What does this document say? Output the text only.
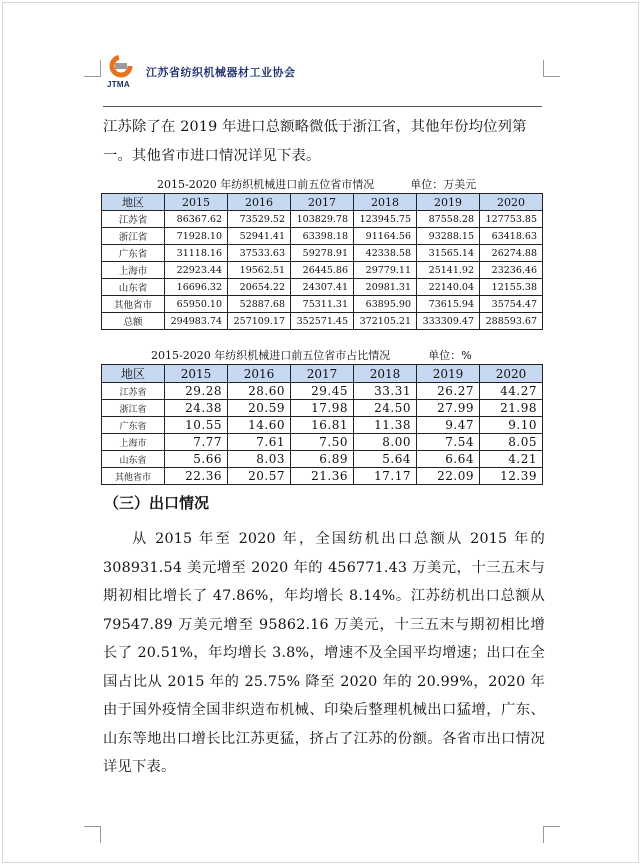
JTMA
江苏省纺织机械器材工业协会
江苏除了在 2019 年进口总额略微低于浙江省，其他年份均位列第一。其他省市进口情况详见下表。
2015-2020 年纺织机械进口前五位省市情况	单位：万美元
地区	2015	2016	2017	2018	2019	2020
江苏省	86367.62	73529.52	103829.78	123945.75	87558.28	127753.85
浙江省	71928.10	52941.41	63398.18	91164.56	93288.15	63418.63
广东省	31118.16	37533.63	59278.91	42338.58	31565.14	26274.88
上海市	22923.44	19562.51	26445.86	29779.11	25141.92	23236.46
山东省	16696.32	20654.22	24307.41	20981.31	22140.04	12155.38
其他省市	65950.10	52887.68	75311.31	63895.90	73615.94	35754.47
总额	294983.74	257109.17	352571.45	372105.21	333309.47	288593.67
2015-2020 年纺织机械进口前五位省市占比情况	单位：%
地区	2015	2016	2017	2018	2019	2020
江苏省	29.28	28.60	29.45	33.31	26.27	44.27
浙江省	24.38	20.59	17.98	24.50	27.99	21.98
广东省	10.55	14.60	16.81	11.38	9.47	9.10
上海市	7.77	7.61	7.50	8.00	7.54	8.05
山东省	5.66	8.03	6.89	5.64	6.64	4.21
其他省市	22.36	20.57	21.36	17.17	22.09	12.39
（三）出口情况
从 2015 年至 2020 年，全国纺机出口总额从 2015 年的 308931.54 美元增至 2020 年的 456771.43 万美元，十三五末与期初相比增长了 47.86%，年均增长 8.14%。江苏纺机出口总额从 79547.89 万美元增至 95862.16 万美元，十三五末与期初相比增长了 20.51%，年均增长 3.8%，增速不及全国平均增速；出口在全国占比从 2015 年的 25.75% 降至 2020 年的 20.99%，2020 年由于国外疫情全国非织造布机械、印染后整理机械出口猛增，广东、山东等地出口增长比江苏更猛，挤占了江苏的份额。各省市出口情况详见下表。
